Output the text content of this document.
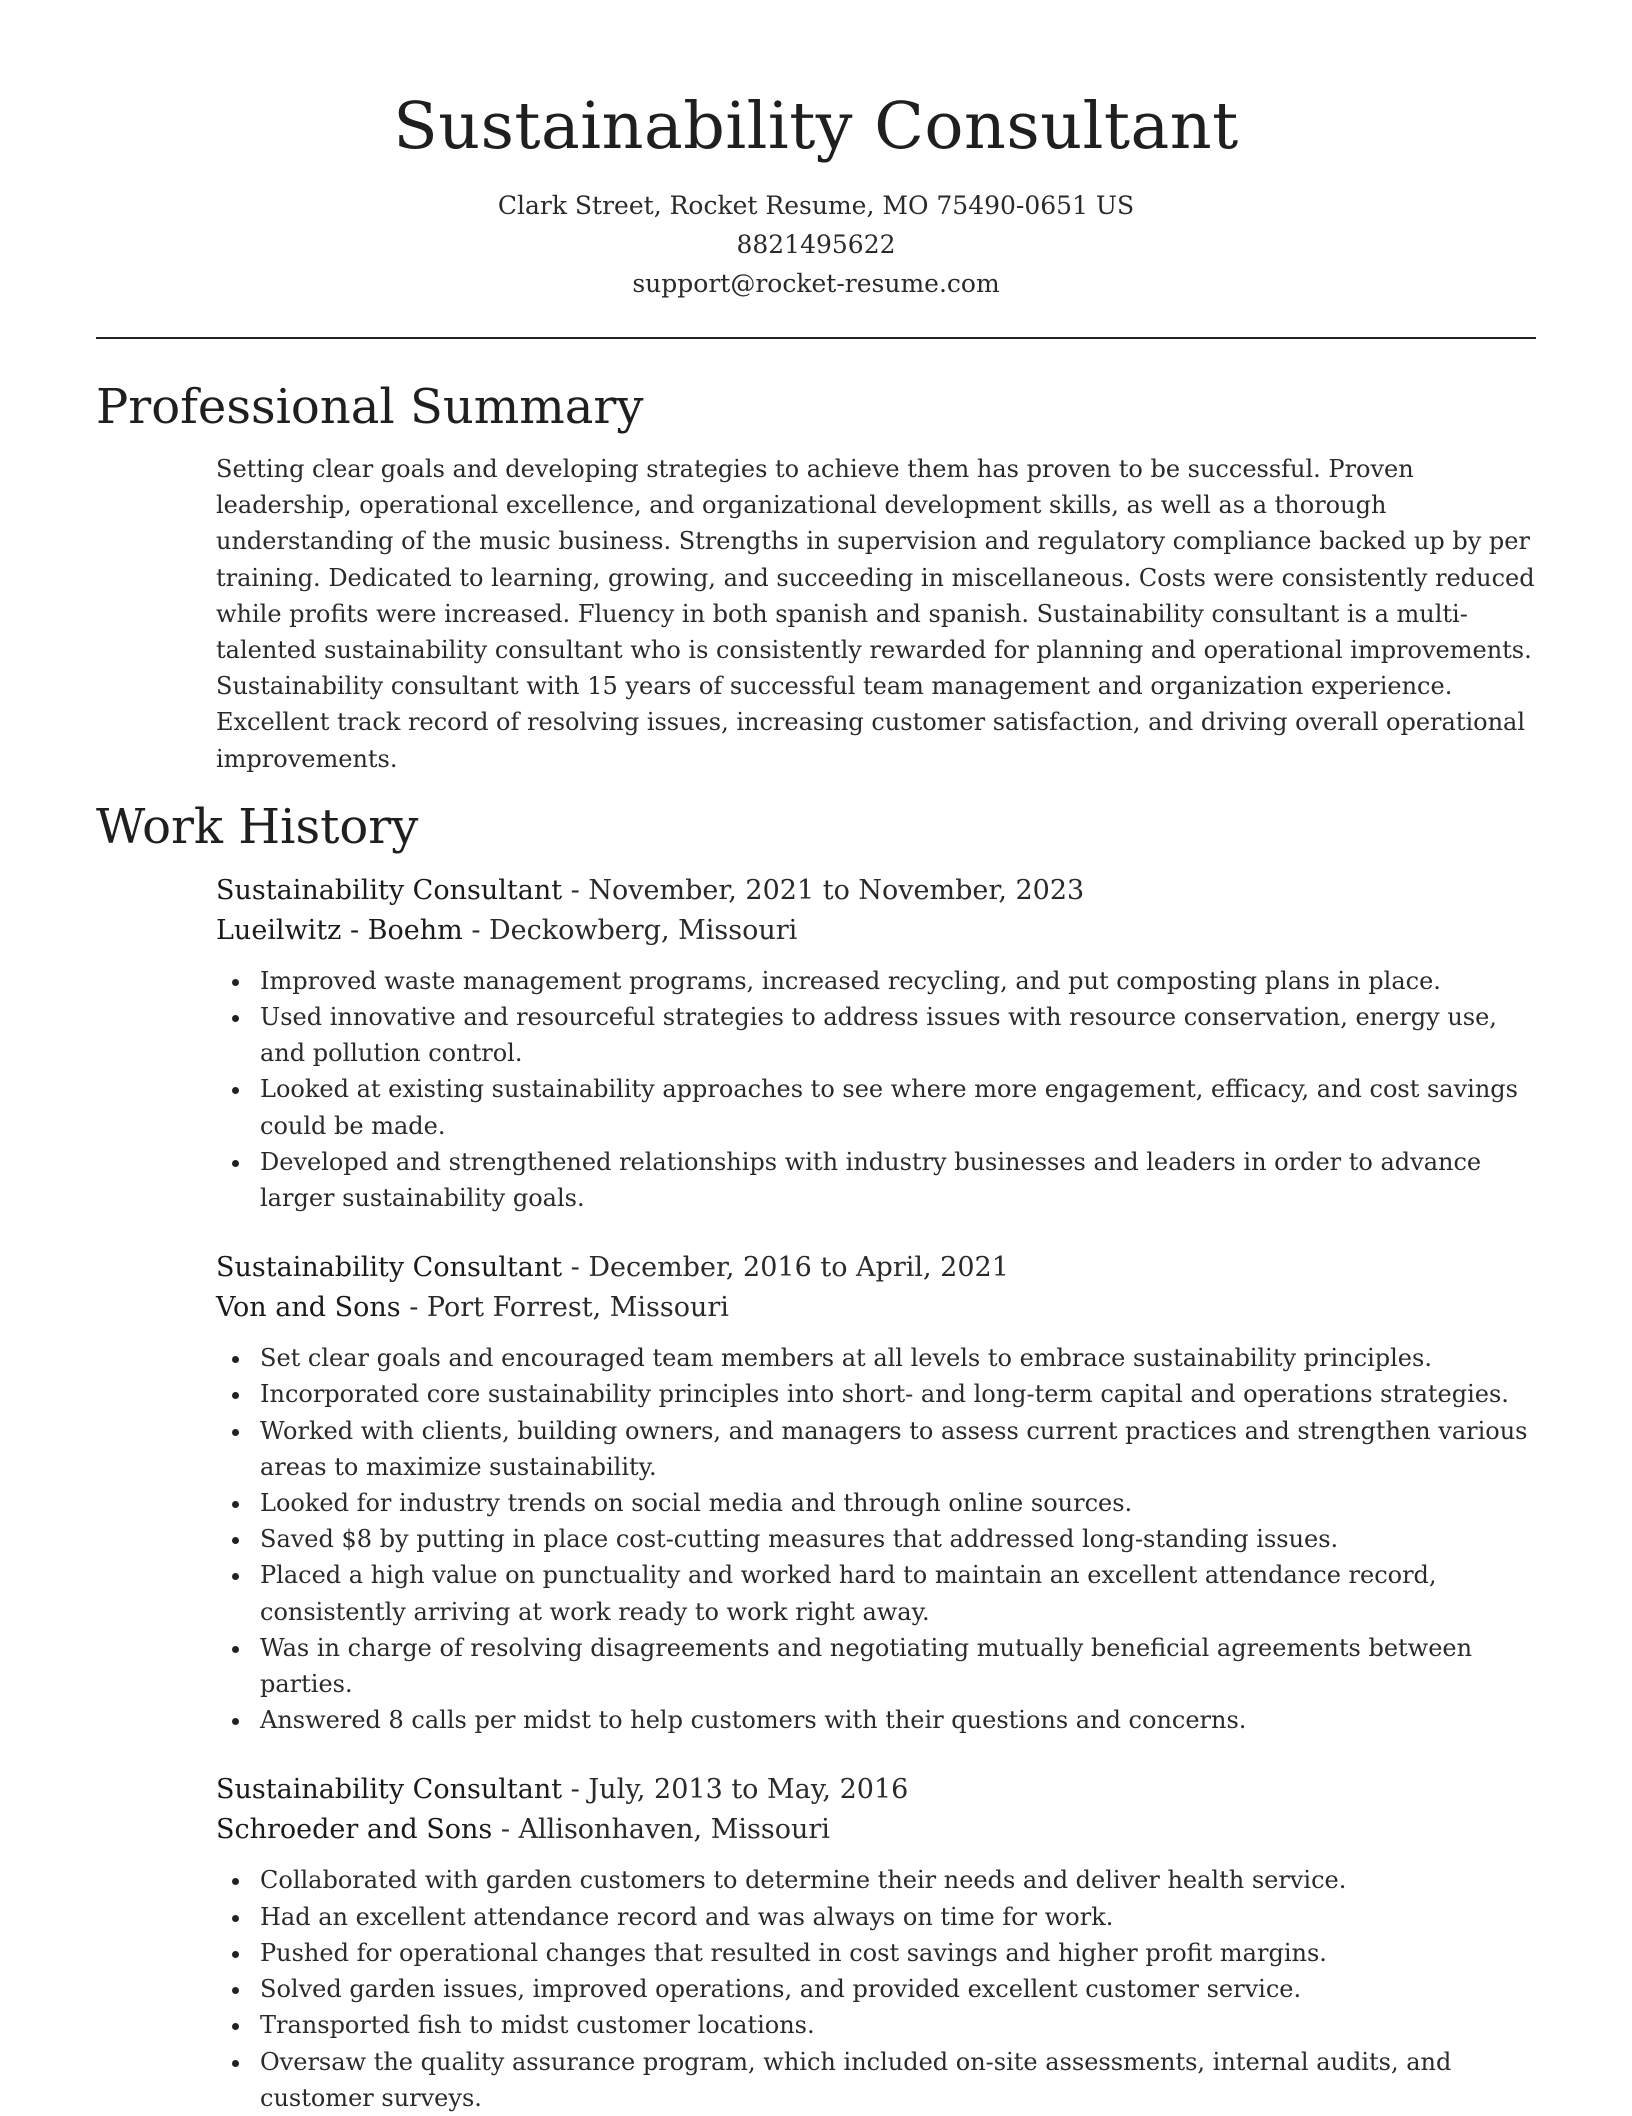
Sustainability Consultant
Clark Street, Rocket Resume, MO 75490-0651 US
8821495622
support@rocket-resume.com
Professional Summary

Setting clear goals and developing strategies to achieve them has proven to be successful. Proven leadership, operational excellence, and organizational development skills, as well as a thorough understanding of the music business. Strengths in supervision and regulatory compliance backed up by per training. Dedicated to learning, growing, and succeeding in miscellaneous. Costs were consistently reduced while profits were increased. Fluency in both spanish and spanish. Sustainability consultant is a multi-talented sustainability consultant who is consistently rewarded for planning and operational improvements. Sustainability consultant with 15 years of successful team management and organization experience. Excellent track record of resolving issues, increasing customer satisfaction, and driving overall operational improvements.

Work History
Sustainability Consultant - November, 2021 to November, 2023
Lueilwitz - Boehm - Deckowberg, Missouri
Improved waste management programs, increased recycling, and put composting plans in place.
Used innovative and resourceful strategies to address issues with resource conservation, energy use, and pollution control.
Looked at existing sustainability approaches to see where more engagement, efficacy, and cost savings could be made.
Developed and strengthened relationships with industry businesses and leaders in order to advance larger sustainability goals.
Sustainability Consultant - December, 2016 to April, 2021
Von and Sons - Port Forrest, Missouri
Set clear goals and encouraged team members at all levels to embrace sustainability principles.
Incorporated core sustainability principles into short- and long-term capital and operations strategies.
Worked with clients, building owners, and managers to assess current practices and strengthen various areas to maximize sustainability.
Looked for industry trends on social media and through online sources.
Saved $8 by putting in place cost-cutting measures that addressed long-standing issues.
Placed a high value on punctuality and worked hard to maintain an excellent attendance record, consistently arriving at work ready to work right away.
Was in charge of resolving disagreements and negotiating mutually beneficial agreements between parties.
Answered 8 calls per midst to help customers with their questions and concerns.
Sustainability Consultant - July, 2013 to May, 2016
Schroeder and Sons - Allisonhaven, Missouri
Collaborated with garden customers to determine their needs and deliver health service.
Had an excellent attendance record and was always on time for work.
Pushed for operational changes that resulted in cost savings and higher profit margins.
Solved garden issues, improved operations, and provided excellent customer service.
Transported fish to midst customer locations.
Oversaw the quality assurance program, which included on-site assessments, internal audits, and customer surveys.
